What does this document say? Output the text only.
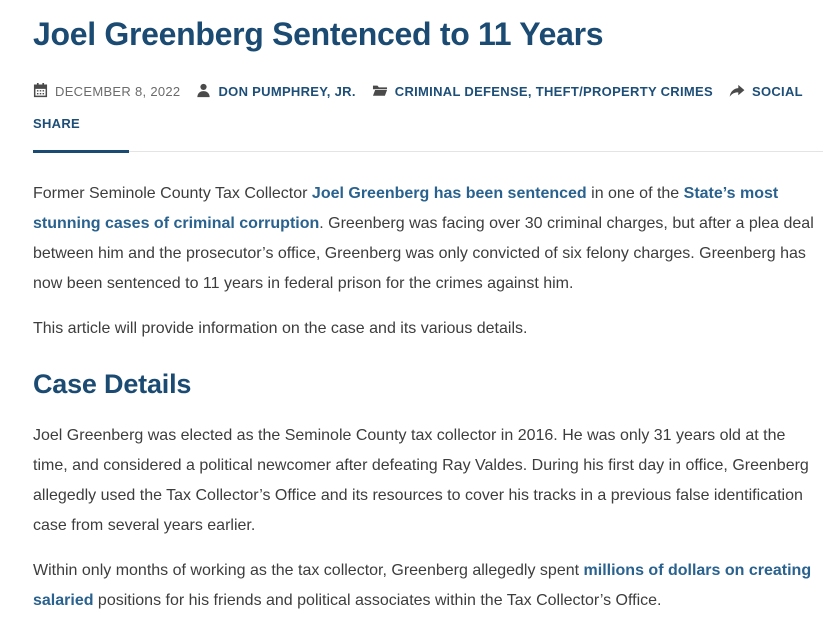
Joel Greenberg Sentenced to 11 Years
DECEMBER 8, 2022	DON PUMPHREY, JR.	CRIMINAL DEFENSE, THEFT/PROPERTY CRIMES	SOCIAL SHARE

Former Seminole County Tax Collector Joel Greenberg has been sentenced in one of the State’s most stunning cases of criminal corruption. Greenberg was facing over 30 criminal charges, but after a plea deal between him and the prosecutor’s office, Greenberg was only convicted of six felony charges. Greenberg has now been sentenced to 11 years in federal prison for the crimes against him.

This article will provide information on the case and its various details.

Case Details

Joel Greenberg was elected as the Seminole County tax collector in 2016. He was only 31 years old at the time, and considered a political newcomer after defeating Ray Valdes. During his first day in office, Greenberg allegedly used the Tax Collector’s Office and its resources to cover his tracks in a previous false identification case from several years earlier.

Within only months of working as the tax collector, Greenberg allegedly spent millions of dollars on creating salaried positions for his friends and political associates within the Tax Collector’s Office.
